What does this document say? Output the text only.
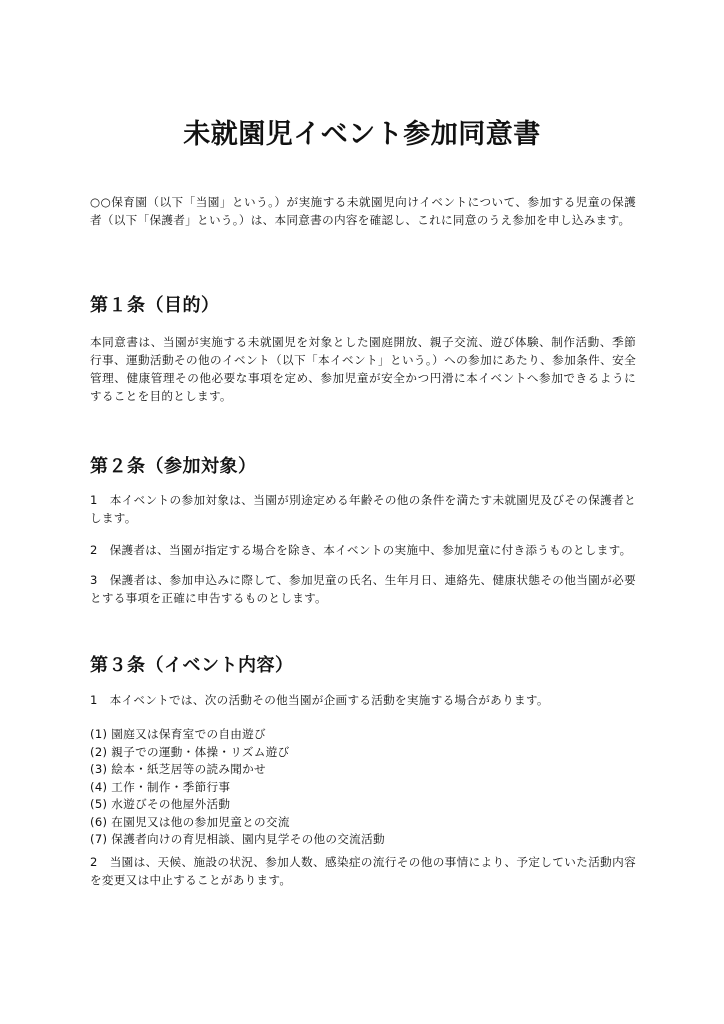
未就園児イベント参加同意書

○○保育園（以下「当園」という。）が実施する未就園児向けイベントについて、参加する児童の保護者（以下「保護者」という。）は、本同意書の内容を確認し、これに同意のうえ参加を申し込みます。

第１条（目的）

本同意書は、当園が実施する未就園児を対象とした園庭開放、親子交流、遊び体験、制作活動、季節行事、運動活動その他のイベント（以下「本イベント」という。）への参加にあたり、参加条件、安全管理、健康管理その他必要な事項を定め、参加児童が安全かつ円滑に本イベントへ参加できるようにすることを目的とします。

第２条（参加対象）

1　本イベントの参加対象は、当園が別途定める年齢その他の条件を満たす未就園児及びその保護者とします。

2　保護者は、当園が指定する場合を除き、本イベントの実施中、参加児童に付き添うものとします。

3　保護者は、参加申込みに際して、参加児童の氏名、生年月日、連絡先、健康状態その他当園が必要とする事項を正確に申告するものとします。

第３条（イベント内容）

1　本イベントでは、次の活動その他当園が企画する活動を実施する場合があります。

(1) 園庭又は保育室での自由遊び
(2) 親子での運動・体操・リズム遊び
(3) 絵本・紙芝居等の読み聞かせ
(4) 工作・制作・季節行事
(5) 水遊びその他屋外活動
(6) 在園児又は他の参加児童との交流
(7) 保護者向けの育児相談、園内見学その他の交流活動

2　当園は、天候、施設の状況、参加人数、感染症の流行その他の事情により、予定していた活動内容を変更又は中止することがあります。
